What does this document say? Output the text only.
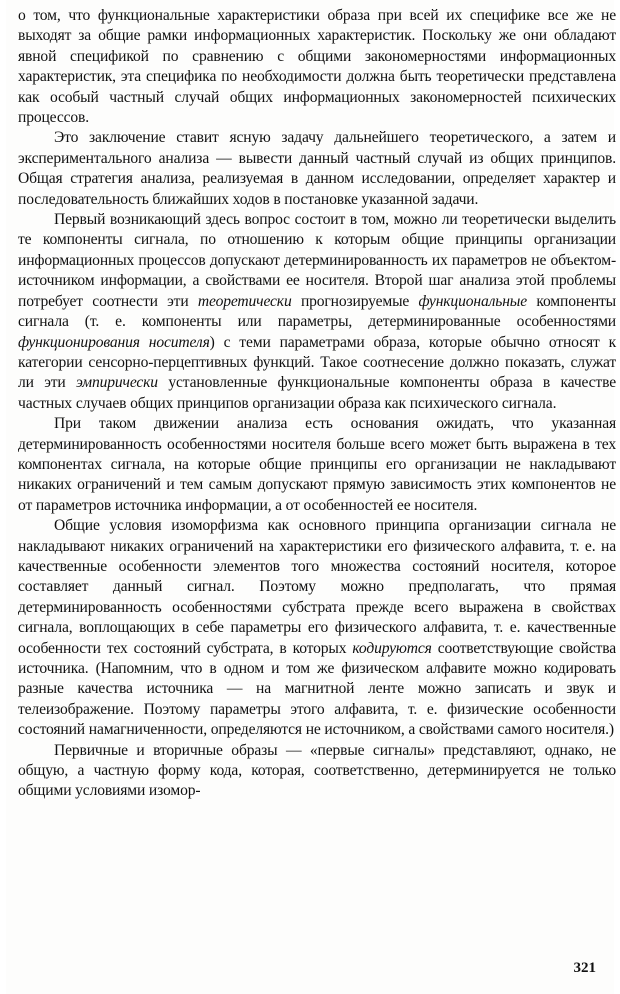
о том, что функциональные характеристики образа при всей их специфике все же не выходят за общие рамки информационных характеристик. Поскольку же они обладают явной спецификой по сравнению с общими закономерностями информационных характеристик, эта специфика по необходимости должна быть теоретически представлена как особый частный случай общих информационных закономерностей психических процессов.

Это заключение ставит ясную задачу дальнейшего теоретического, а затем и экспериментального анализа — вывести данный частный случай из общих принципов. Общая стратегия анализа, реализуемая в данном исследовании, определяет характер и последовательность ближайших ходов в постановке указанной задачи.

Первый возникающий здесь вопрос состоит в том, можно ли теоретически выделить те компоненты сигнала, по отношению к которым общие принципы организации информационных процессов допускают детерминированность их параметров не объектом-источником информации, а свойствами ее носителя. Второй шаг анализа этой проблемы потребует соотнести эти теоретически прогнозируемые функциональные компоненты сигнала (т. е. компоненты или параметры, детерминированные особенностями функционирования носителя) с теми параметрами образа, которые обычно относят к категории сенсорно-перцептивных функций. Такое соотнесение должно показать, служат ли эти эмпирически установленные функциональные компоненты образа в качестве частных случаев общих принципов организации образа как психического сигнала.

При таком движении анализа есть основания ожидать, что указанная детерминированность особенностями носителя больше всего может быть выражена в тех компонентах сигнала, на которые общие принципы его организации не накладывают никаких ограничений и тем самым допускают прямую зависимость этих компонентов не от параметров источника информации, а от особенностей ее носителя.

Общие условия изоморфизма как основного принципа организации сигнала не накладывают никаких ограничений на характеристики его физического алфавита, т. е. на качественные особенности элементов того множества состояний носителя, которое составляет данный сигнал. Поэтому можно предполагать, что прямая детерминированность особенностями субстрата прежде всего выражена в свойствах сигнала, воплощающих в себе параметры его физического алфавита, т. е. качественные особенности тех состояний субстрата, в которых кодируются соответствующие свойства источника. (Напомним, что в одном и том же физическом алфавите можно кодировать разные качества источника — на магнитной ленте можно записать и звук и телеизображение. Поэтому параметры этого алфавита, т. е. физические особенности состояний намагниченности, определяются не источником, а свойствами самого носителя.)

Первичные и вторичные образы — «первые сигналы» представляют, однако, не общую, а частную форму кода, которая, соответственно, детерминируется не только общими условиями изомор-

321
